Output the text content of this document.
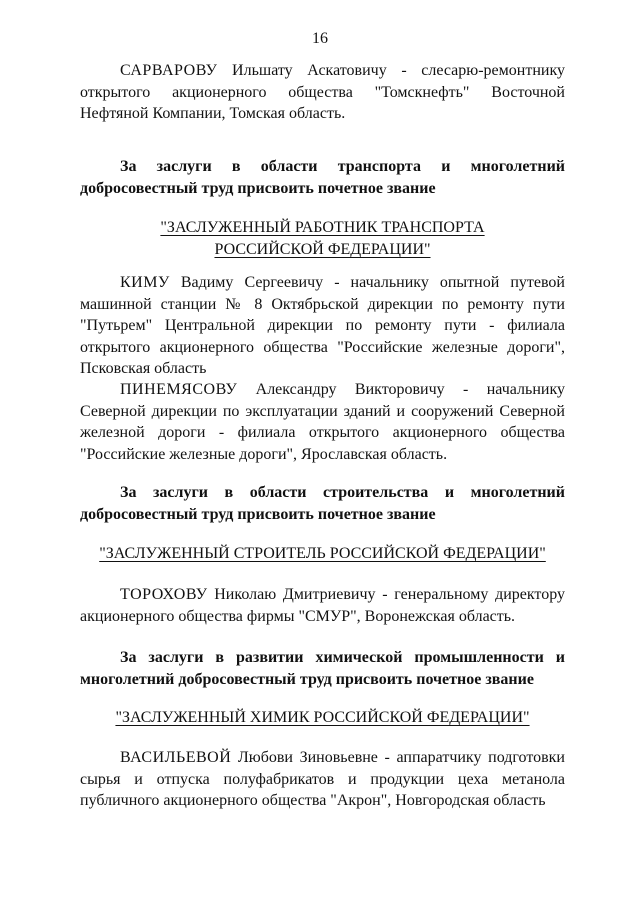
16

САРВАРОВУ Ильшату Аскатовичу - слесарю-ремонтнику открытого акционерного общества "Томскнефть" Восточной Нефтяной Компании, Томская область.

За заслуги в области транспорта и многолетний добросовестный труд присвоить почетное звание

"ЗАСЛУЖЕННЫЙ РАБОТНИК ТРАНСПОРТА
РОССИЙСКОЙ ФЕДЕРАЦИИ"

КИМУ Вадиму Сергеевичу - начальнику опытной путевой машинной станции № 8 Октябрьской дирекции по ремонту пути "Путьрем" Центральной дирекции по ремонту пути - филиала открытого акционерного общества "Российские железные дороги", Псковская область

ПИНЕМЯСОВУ Александру Викторовичу - начальнику Северной дирекции по эксплуатации зданий и сооружений Северной железной дороги - филиала открытого акционерного общества "Российские железные дороги", Ярославская область.

За заслуги в области строительства и многолетний добросовестный труд присвоить почетное звание

"ЗАСЛУЖЕННЫЙ СТРОИТЕЛЬ РОССИЙСКОЙ ФЕДЕРАЦИИ"

ТОРОХОВУ Николаю Дмитриевичу - генеральному директору акционерного общества фирмы "СМУР", Воронежская область.

За заслуги в развитии химической промышленности и многолетний добросовестный труд присвоить почетное звание

"ЗАСЛУЖЕННЫЙ ХИМИК РОССИЙСКОЙ ФЕДЕРАЦИИ"

ВАСИЛЬЕВОЙ Любови Зиновьевне - аппаратчику подготовки сырья и отпуска полуфабрикатов и продукции цеха метанола публичного акционерного общества "Акрон", Новгородская область
